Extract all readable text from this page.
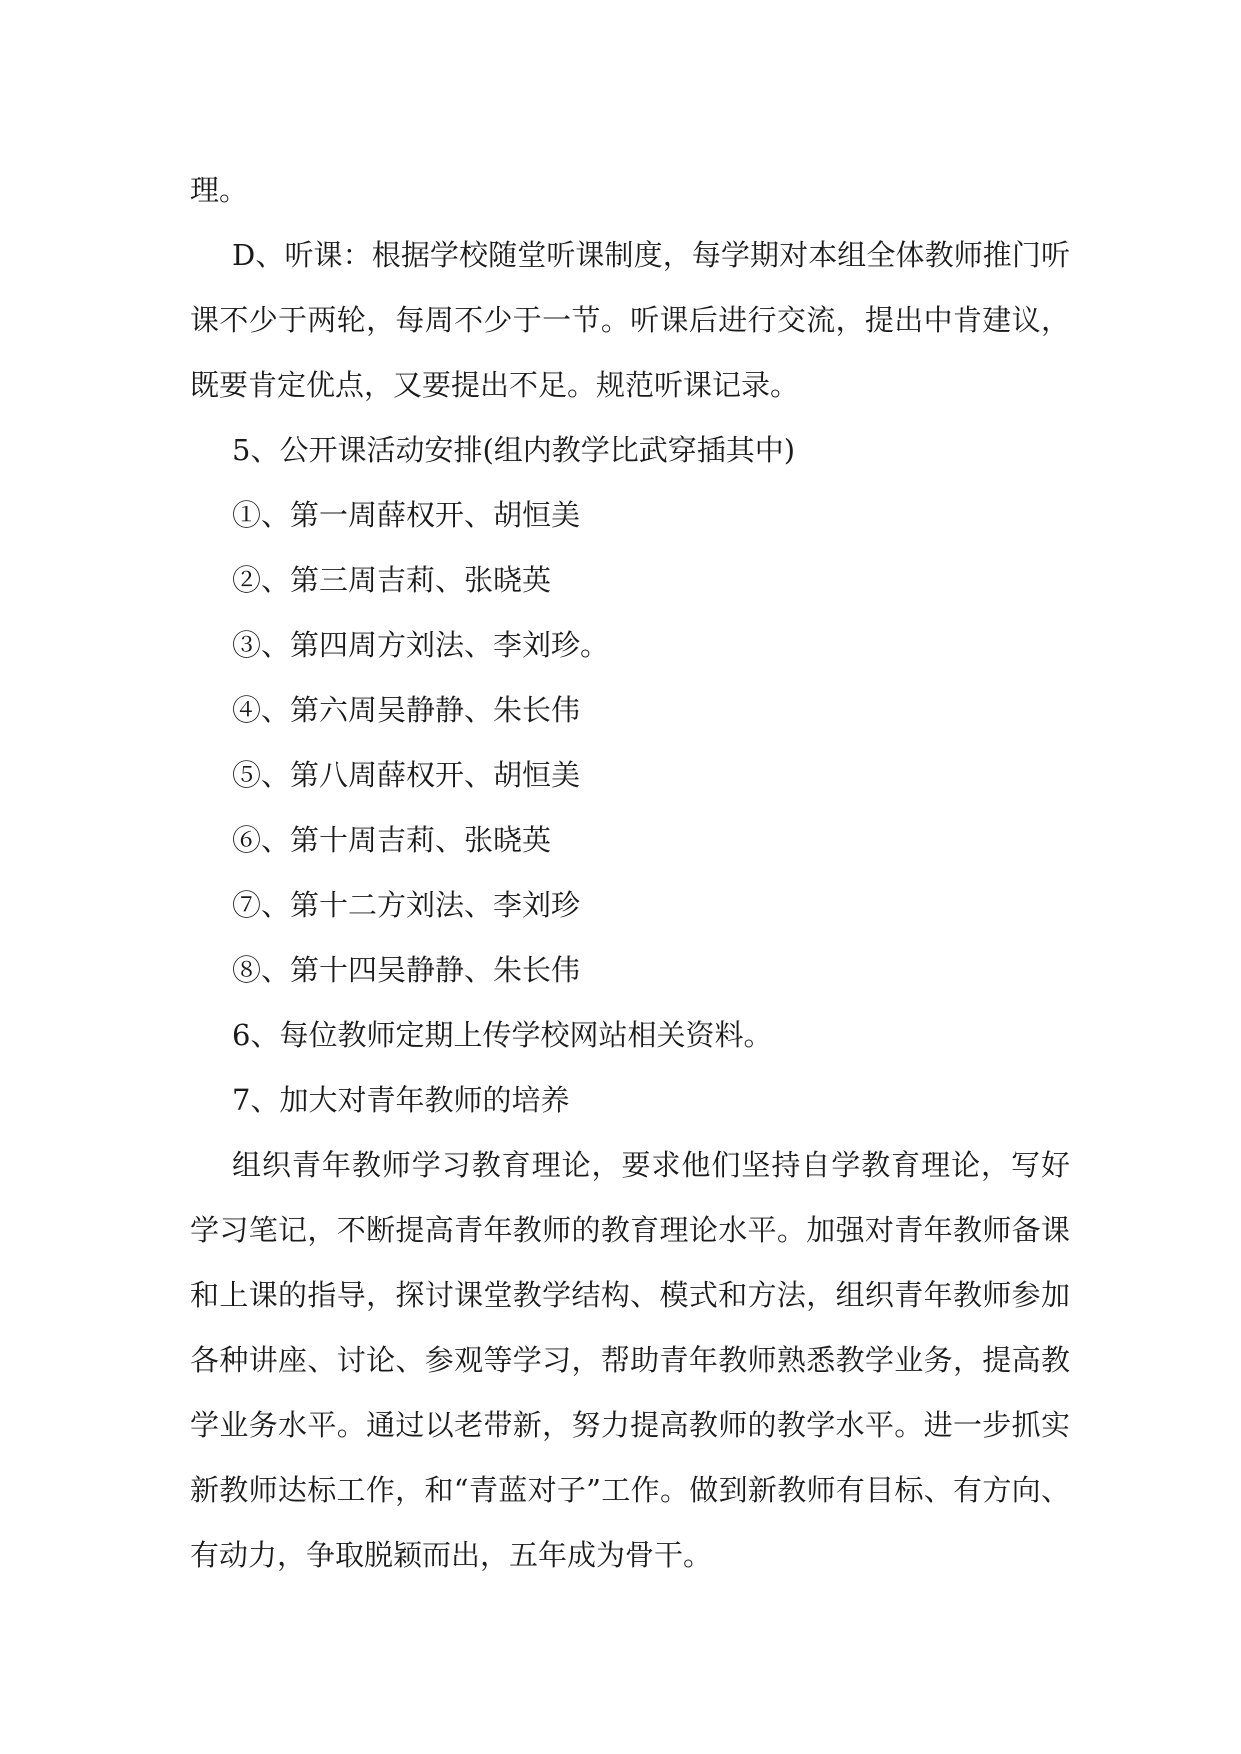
理。

D、听课：根据学校随堂听课制度，每学期对本组全体教师推门听课不少于两轮，每周不少于一节。听课后进行交流，提出中肯建议，既要肯定优点，又要提出不足。规范听课记录。

5、公开课活动安排(组内教学比武穿插其中)

①、第一周薛权开、胡恒美

②、第三周吉莉、张晓英

③、第四周方刘法、李刘珍。

④、第六周吴静静、朱长伟

⑤、第八周薛权开、胡恒美

⑥、第十周吉莉、张晓英

⑦、第十二方刘法、李刘珍

⑧、第十四吴静静、朱长伟

6、每位教师定期上传学校网站相关资料。

7、加大对青年教师的培养

组织青年教师学习教育理论，要求他们坚持自学教育理论，写好学习笔记，不断提高青年教师的教育理论水平。加强对青年教师备课和上课的指导，探讨课堂教学结构、模式和方法，组织青年教师参加各种讲座、讨论、参观等学习，帮助青年教师熟悉教学业务，提高教学业务水平。通过以老带新，努力提高教师的教学水平。进一步抓实新教师达标工作，和“青蓝对子”工作。做到新教师有目标、有方向、有动力，争取脱颖而出，五年成为骨干。
